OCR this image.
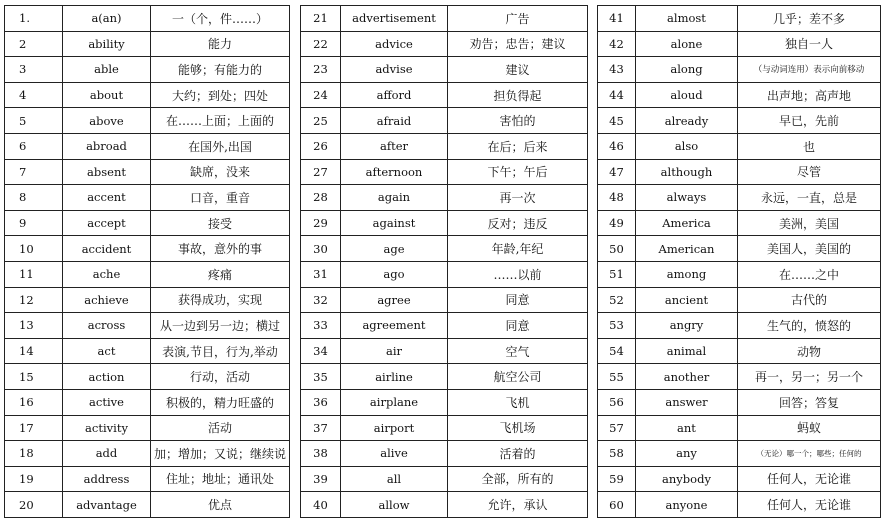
1.	a(an)	一（个，件……）
2	ability	能力
3	able	能够；有能力的
4	about	大约；到处；四处
5	above	在……上面；上面的
6	abroad	在国外,出国
7	absent	缺席，没来
8	accent	口音，重音
9	accept	接受
10	accident	事故，意外的事
11	ache	疼痛
12	achieve	获得成功，实现
13	across	从一边到另一边；横过
14	act	表演,节目，行为,举动
15	action	行动，活动
16	active	积极的，精力旺盛的
17	activity	活动
18	add	加；增加；又说；继续说
19	address	住址；地址；通讯处
20	advantage	优点
21	advertisement	广告
22	advice	劝告；忠告；建议
23	advise	建议
24	afford	担负得起
25	afraid	害怕的
26	after	在后；后来
27	afternoon	下午；午后
28	again	再一次
29	against	反对；违反
30	age	年龄,年纪
31	ago	……以前
32	agree	同意
33	agreement	同意
34	air	空气
35	airline	航空公司
36	airplane	飞机
37	airport	飞机场
38	alive	活着的
39	all	全部，所有的
40	allow	允许，承认
41	almost	几乎；差不多
42	alone	独自一人
43	along	（与动词连用）表示向前移动
44	aloud	出声地；高声地
45	already	早已，先前
46	also	也
47	although	尽管
48	always	永远，一直，总是
49	America	美洲，美国
50	American	美国人，美国的
51	among	在……之中
52	ancient	古代的
53	angry	生气的，愤怒的
54	animal	动物
55	another	再一，另一；另一个
56	answer	回答；答复
57	ant	蚂蚁
58	any	（无论）哪一个；哪些；任何的
59	anybody	任何人，无论谁
60	anyone	任何人，无论谁
